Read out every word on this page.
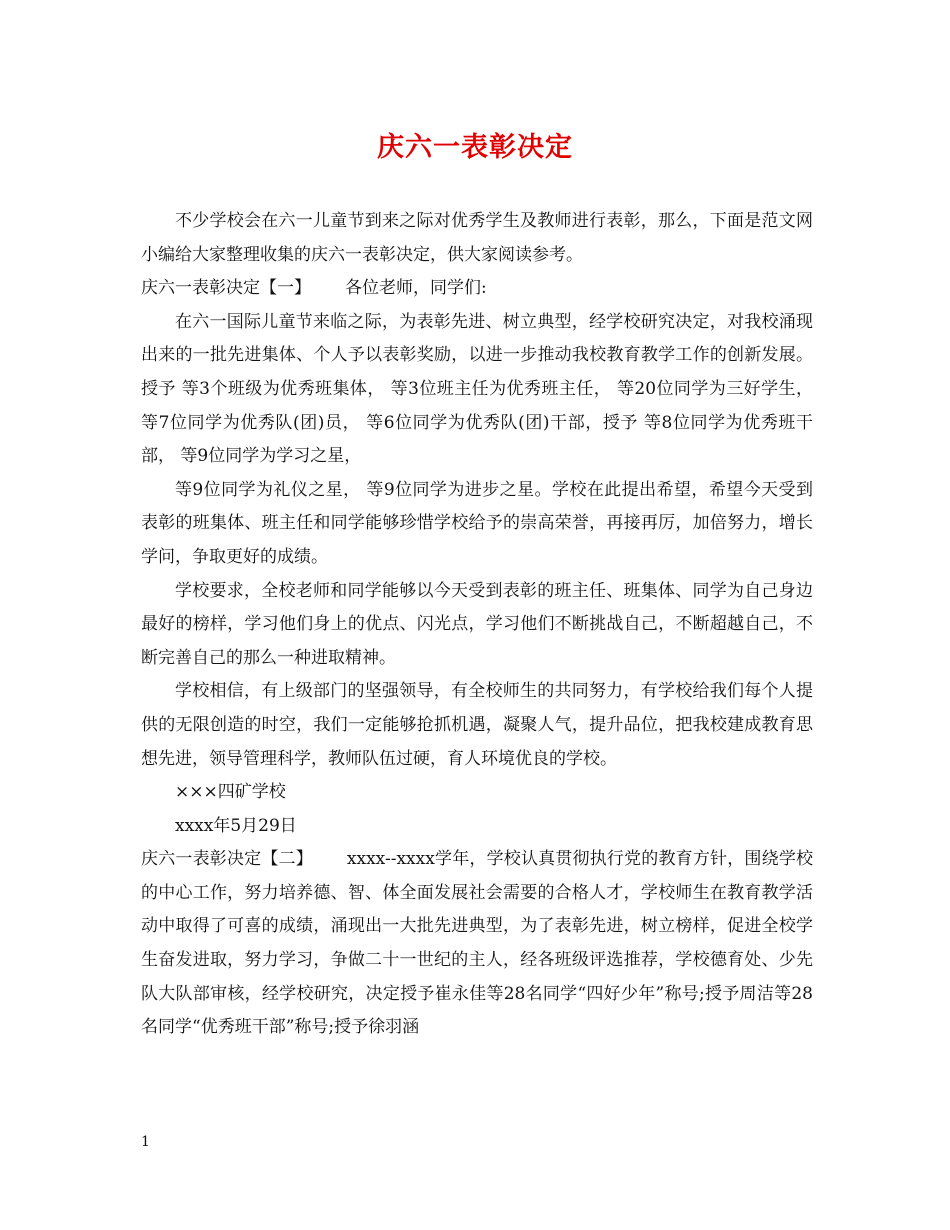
庆六一表彰决定

不少学校会在六一儿童节到来之际对优秀学生及教师进行表彰，那么，下面是范文网小编给大家整理收集的庆六一表彰决定，供大家阅读参考。

庆六一表彰决定【一】 各位老师，同学们:

在六一国际儿童节来临之际，为表彰先进、树立典型，经学校研究决定，对我校涌现出来的一批先进集体、个人予以表彰奖励，以进一步推动我校教育教学工作的创新发展。授予 等3个班级为优秀班集体， 等3位班主任为优秀班主任， 等20位同学为三好学生， 等7位同学为优秀队(团)员， 等6位同学为优秀队(团)干部，授予 等8位同学为优秀班干部， 等9位同学为学习之星，

等9位同学为礼仪之星， 等9位同学为进步之星。学校在此提出希望，希望今天受到表彰的班集体、班主任和同学能够珍惜学校给予的崇高荣誉，再接再厉，加倍努力，增长学问，争取更好的成绩。

学校要求，全校老师和同学能够以今天受到表彰的班主任、班集体、同学为自己身边最好的榜样，学习他们身上的优点、闪光点，学习他们不断挑战自己，不断超越自己，不断完善自己的那么一种进取精神。

学校相信，有上级部门的坚强领导，有全校师生的共同努力，有学校给我们每个人提供的无限创造的时空，我们一定能够抢抓机遇，凝聚人气，提升品位，把我校建成教育思想先进，领导管理科学，教师队伍过硬，育人环境优良的学校。

×××四矿学校

xxxx年5月29日

庆六一表彰决定【二】 xxxx--xxxx学年，学校认真贯彻执行党的教育方针，围绕学校的中心工作，努力培养德、智、体全面发展社会需要的合格人才，学校师生在教育教学活动中取得了可喜的成绩，涌现出一大批先进典型，为了表彰先进，树立榜样，促进全校学生奋发进取，努力学习，争做二十一世纪的主人，经各班级评选推荐，学校德育处、少先队大队部审核，经学校研究，决定授予崔永佳等28名同学“四好少年”称号;授予周洁等28名同学“优秀班干部”称号;授予徐羽涵

1
